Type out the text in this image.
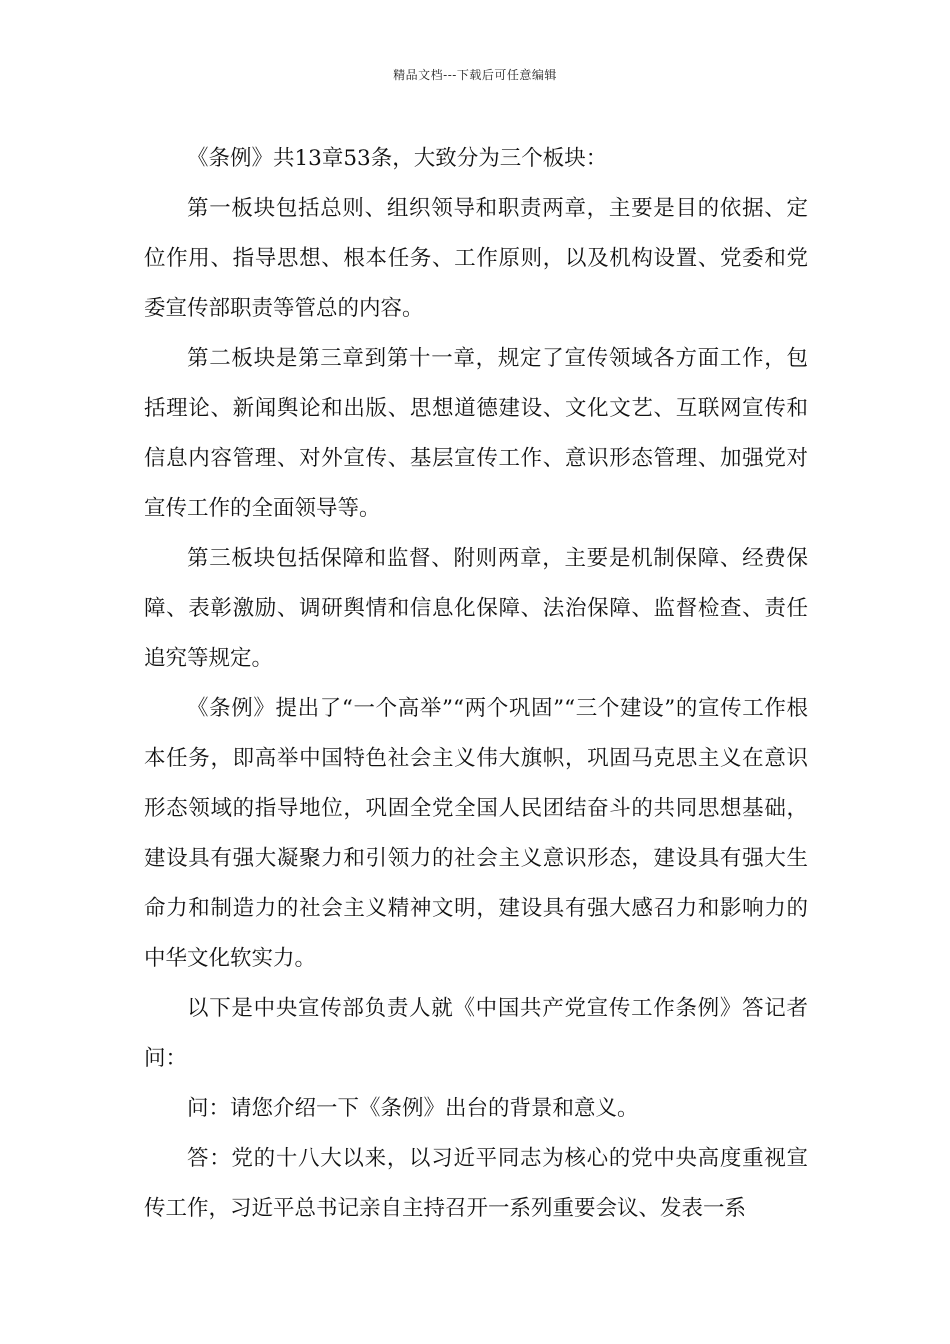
精品文档---下载后可任意编辑

《条例》共13章53条，大致分为三个板块：

第一板块包括总则、组织领导和职责两章，主要是目的依据、定位作用、指导思想、根本任务、工作原则，以及机构设置、党委和党委宣传部职责等管总的内容。

第二板块是第三章到第十一章，规定了宣传领域各方面工作，包括理论、新闻舆论和出版、思想道德建设、文化文艺、互联网宣传和信息内容管理、对外宣传、基层宣传工作、意识形态管理、加强党对宣传工作的全面领导等。

第三板块包括保障和监督、附则两章，主要是机制保障、经费保障、表彰激励、调研舆情和信息化保障、法治保障、监督检查、责任追究等规定。

《条例》提出了“一个高举”“两个巩固”“三个建设”的宣传工作根本任务，即高举中国特色社会主义伟大旗帜，巩固马克思主义在意识形态领域的指导地位，巩固全党全国人民团结奋斗的共同思想基础，建设具有强大凝聚力和引领力的社会主义意识形态，建设具有强大生命力和制造力的社会主义精神文明，建设具有强大感召力和影响力的中华文化软实力。

以下是中央宣传部负责人就《中国共产党宣传工作条例》答记者问：

问：请您介绍一下《条例》出台的背景和意义。

答：党的十八大以来，以习近平同志为核心的党中央高度重视宣传工作，习近平总书记亲自主持召开一系列重要会议、发表一系
